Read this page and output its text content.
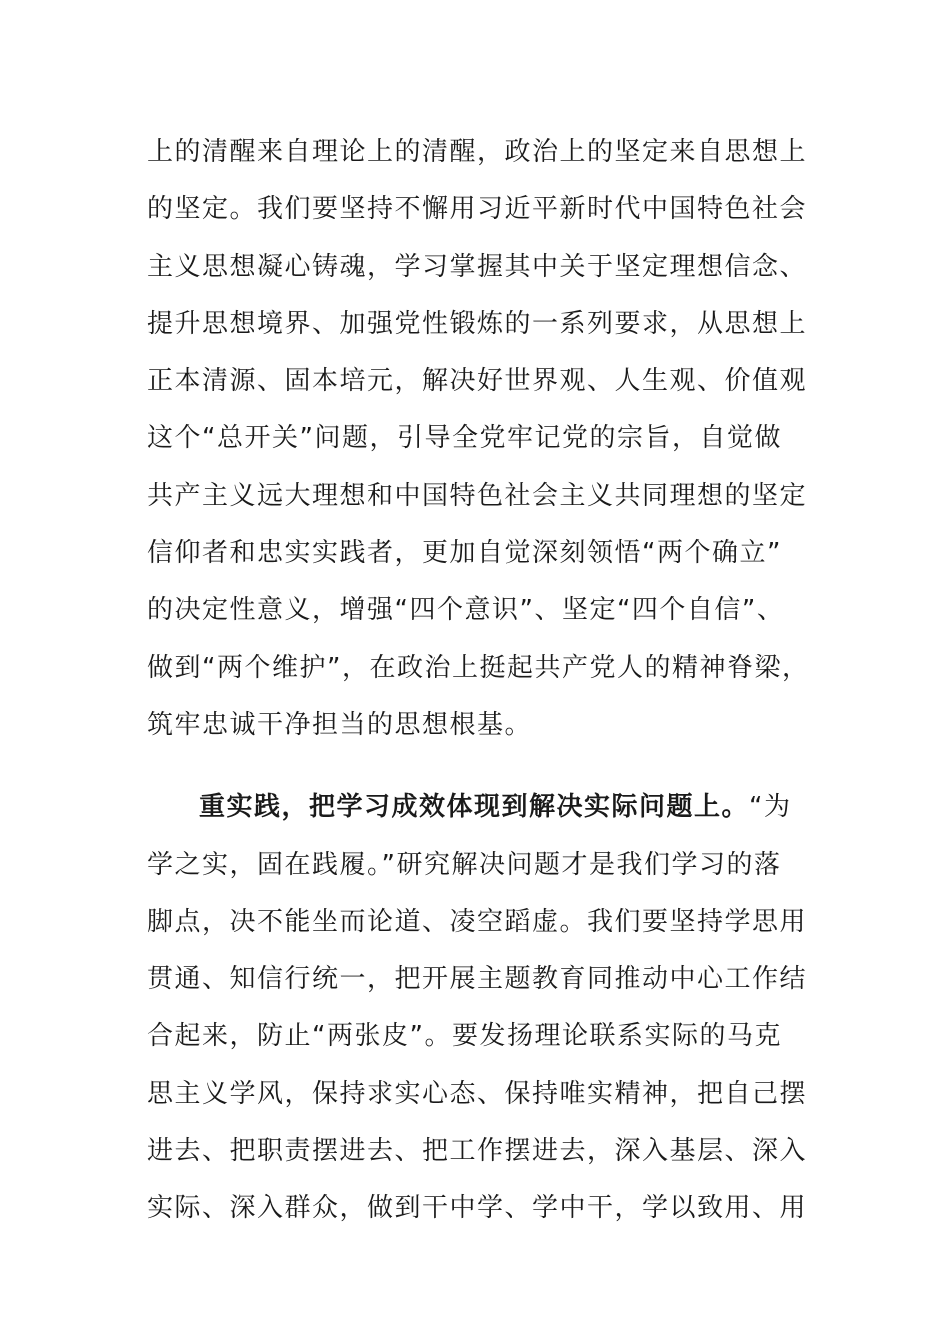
上的清醒来自理论上的清醒，政治上的坚定来自思想上
的坚定。我们要坚持不懈用习近平新时代中国特色社会
主义思想凝心铸魂，学习掌握其中关于坚定理想信念、
提升思想境界、加强党性锻炼的一系列要求，从思想上
正本清源、固本培元，解决好世界观、人生观、价值观
这个“总开关”问题，引导全党牢记党的宗旨，自觉做
共产主义远大理想和中国特色社会主义共同理想的坚定
信仰者和忠实实践者，更加自觉深刻领悟“两个确立”
的决定性意义，增强“四个意识”、坚定“四个自信”、
做到“两个维护”，在政治上挺起共产党人的精神脊梁，
筑牢忠诚干净担当的思想根基。
重实践，把学习成效体现到解决实际问题上。“为
学之实，固在践履。”研究解决问题才是我们学习的落
脚点，决不能坐而论道、凌空蹈虚。我们要坚持学思用
贯通、知信行统一，把开展主题教育同推动中心工作结
合起来，防止“两张皮”。要发扬理论联系实际的马克
思主义学风，保持求实心态、保持唯实精神，把自己摆
进去、把职责摆进去、把工作摆进去，深入基层、深入
实际、深入群众，做到干中学、学中干，学以致用、用
